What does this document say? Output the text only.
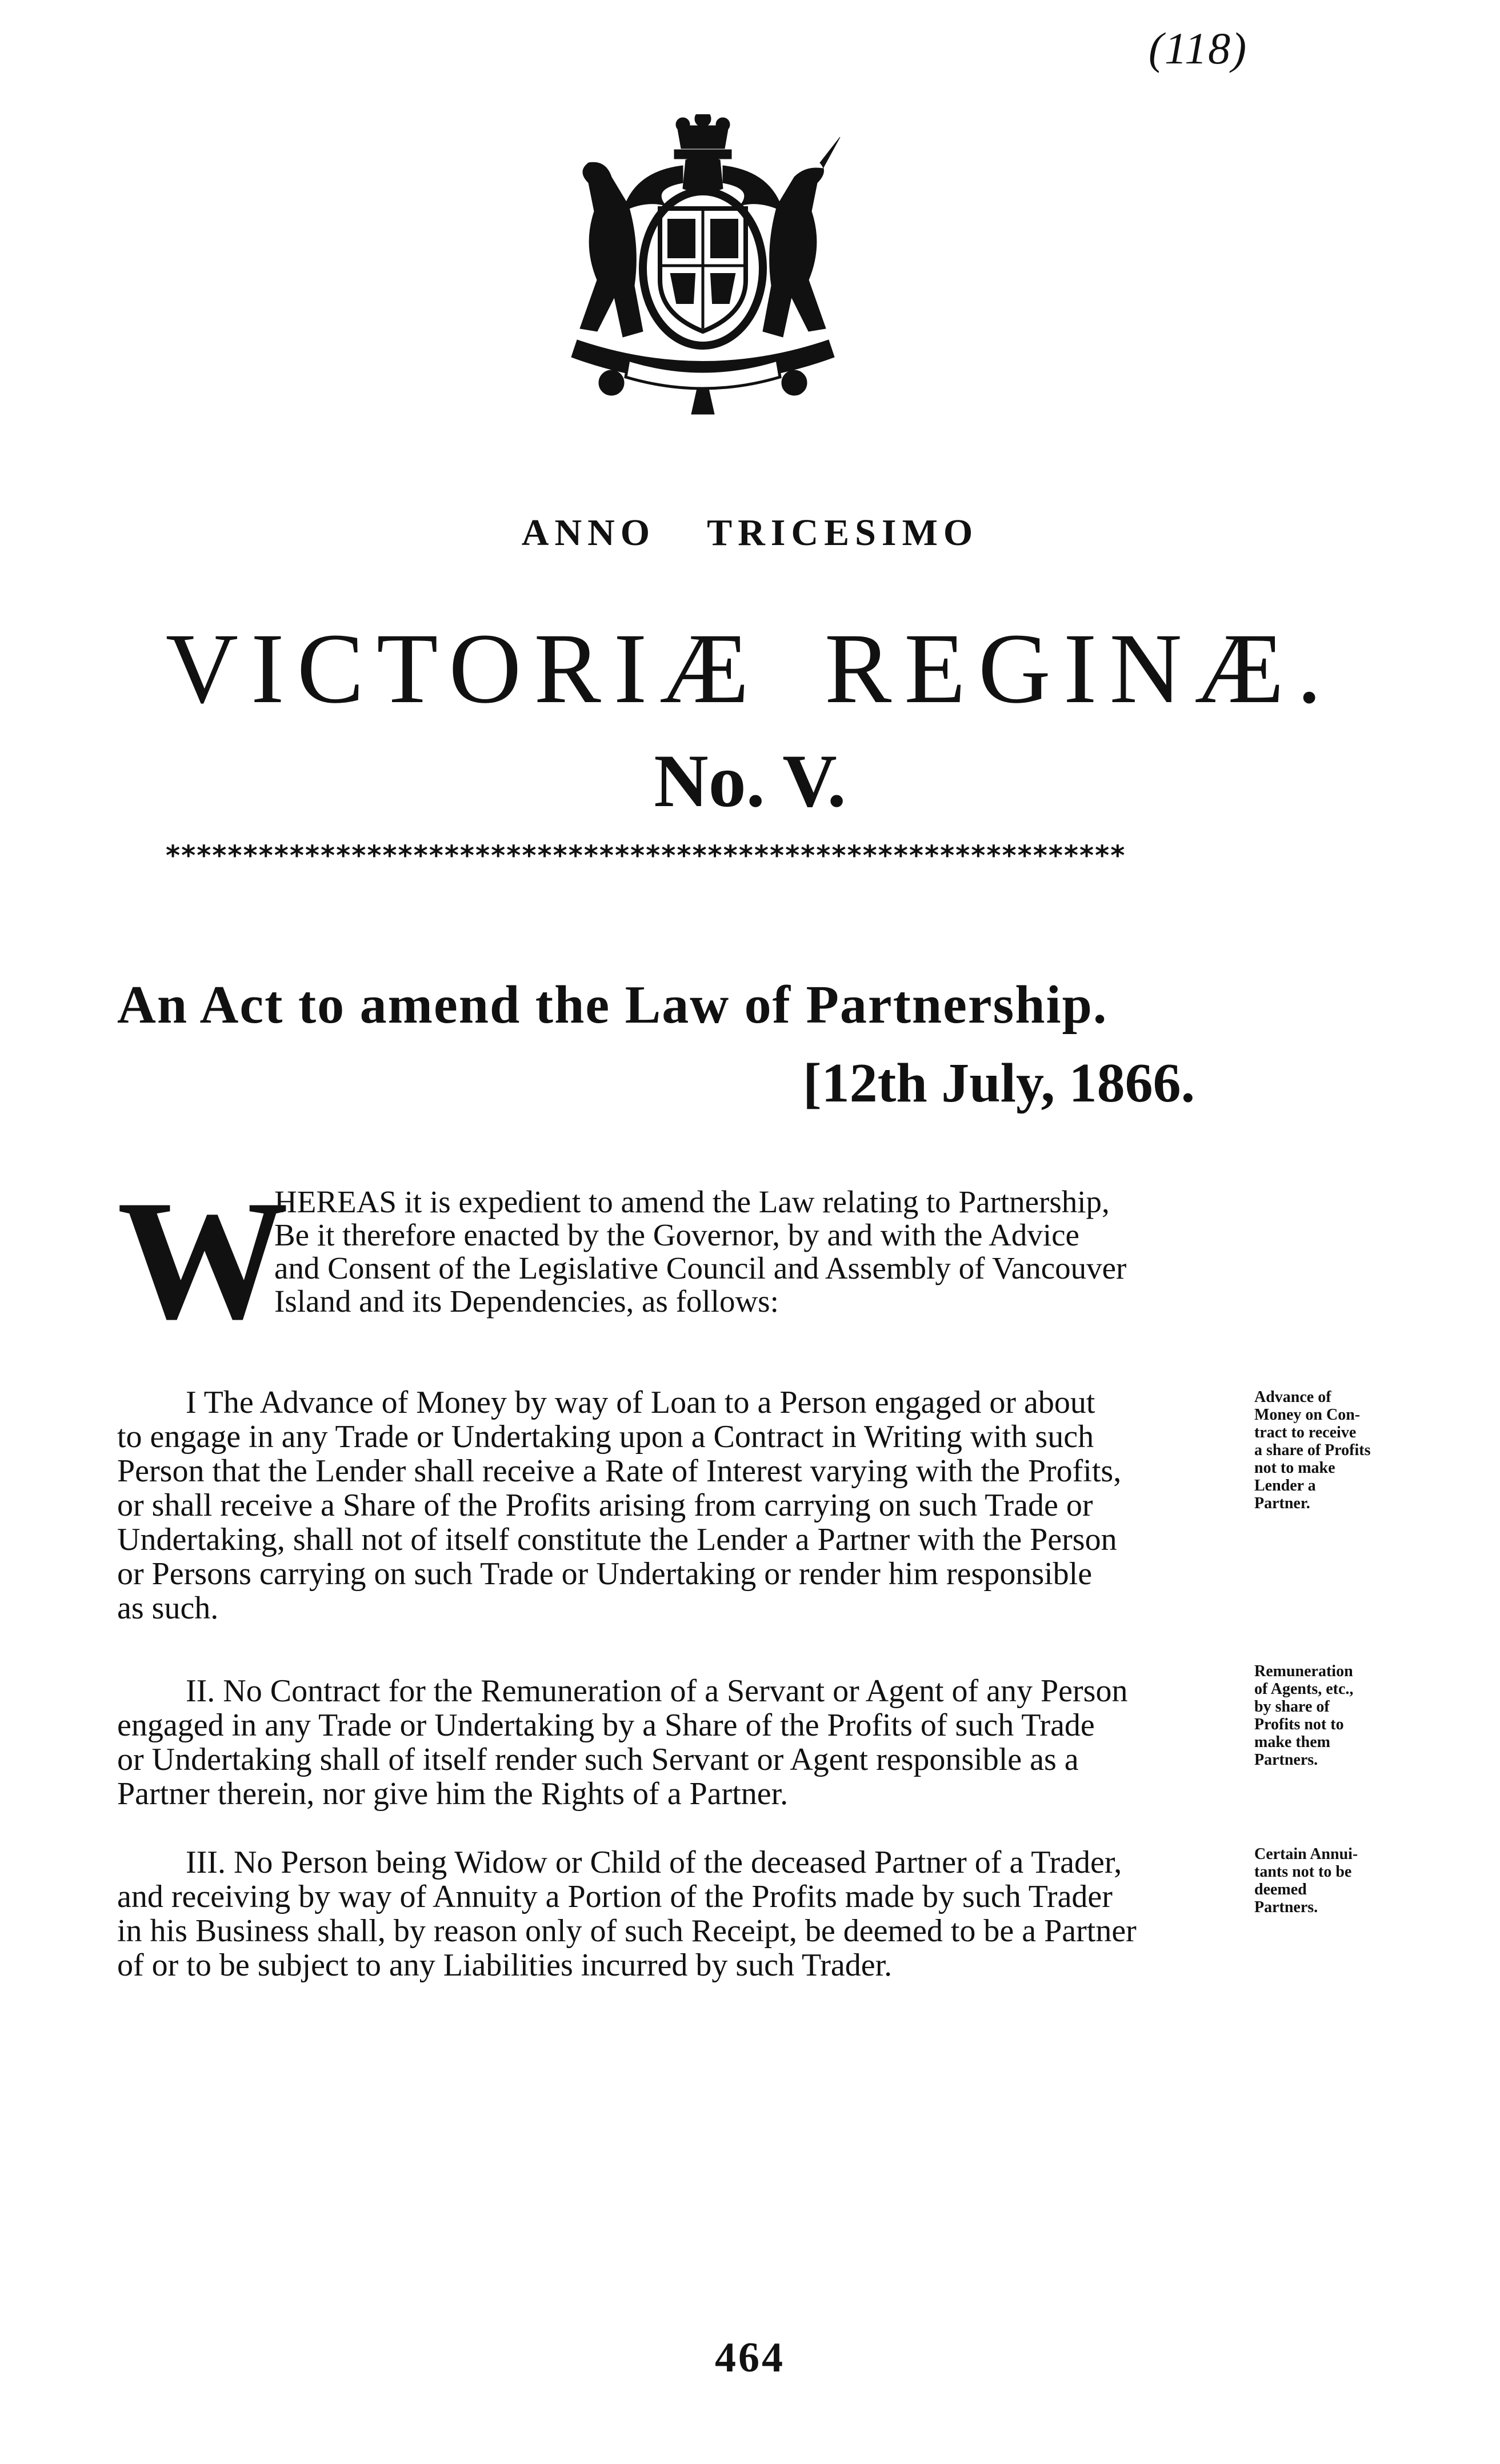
(118)
ANNO TRICESIMO
VICTORIÆ REGINÆ.
No. V.
**************************************************************
An Act to amend the Law of Partnership.
[12th July, 1866.
W
HEREAS it is expedient to amend the Law relating to Partnership,
Be it therefore enacted by the Governor, by and with the Advice
and Consent of the Legislative Council and Assembly of Vancouver
Island and its Dependencies, as follows:
I The Advance of Money by way of Loan to a Person engaged or about
to engage in any Trade or Undertaking upon a Contract in Writing with such
Person that the Lender shall receive a Rate of Interest varying with the Profits,
or shall receive a Share of the Profits arising from carrying on such Trade or
Undertaking, shall not of itself constitute the Lender a Partner with the Person
or Persons carrying on such Trade or Undertaking or render him responsible
as such.
Advance of
Money on Con-
tract to receive
a share of Profits
not to make
Lender a
Partner.
II. No Contract for the Remuneration of a Servant or Agent of any Person
engaged in any Trade or Undertaking by a Share of the Profits of such Trade
or Undertaking shall of itself render such Servant or Agent responsible as a
Partner therein, nor give him the Rights of a Partner.
Remuneration
of Agents, etc.,
by share of
Profits not to
make them
Partners.
III. No Person being Widow or Child of the deceased Partner of a Trader,
and receiving by way of Annuity a Portion of the Profits made by such Trader
in his Business shall, by reason only of such Receipt, be deemed to be a Partner
of or to be subject to any Liabilities incurred by such Trader.
Certain Annui-
tants not to be
deemed
Partners.
464
